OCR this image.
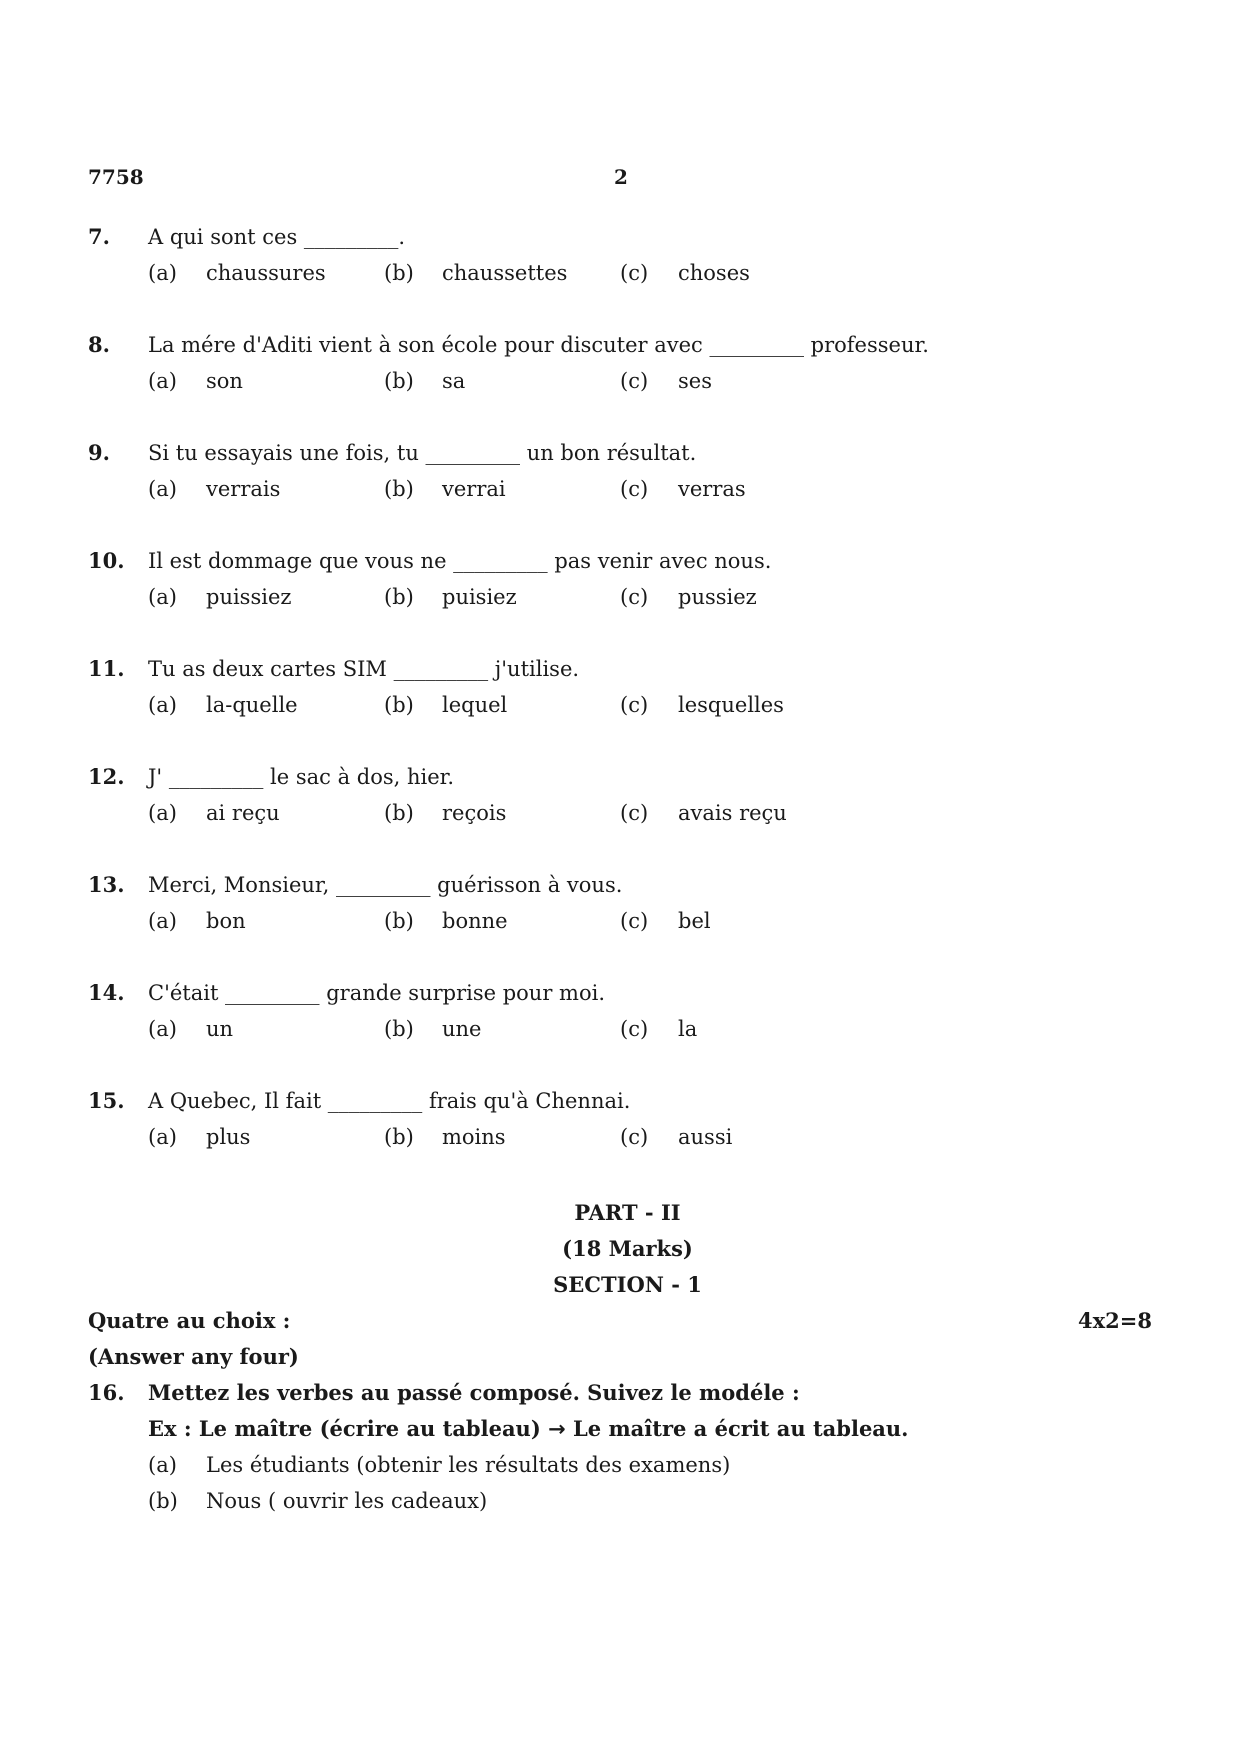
7758	2
7.	A qui sont ces _________.
(a)	chaussures	(b)	chaussettes	(c)	choses
8.	La mére d'Aditi vient à son école pour discuter avec _________ professeur.
(a)	son	(b)	sa	(c)	ses
9.	Si tu essayais une fois, tu _________ un bon résultat.
(a)	verrais	(b)	verrai	(c)	verras
10.	Il est dommage que vous ne _________ pas venir avec nous.
(a)	puissiez	(b)	puisiez	(c)	pussiez
11.	Tu as deux cartes SIM _________ j'utilise.
(a)	la-quelle	(b)	lequel	(c)	lesquelles
12.	J' _________ le sac à dos, hier.
(a)	ai reçu	(b)	reçois	(c)	avais reçu
13.	Merci, Monsieur, _________ guérisson à vous.
(a)	bon	(b)	bonne	(c)	bel
14.	C'était _________ grande surprise pour moi.
(a)	un	(b)	une	(c)	la
15.	A Quebec, Il fait _________ frais qu'à Chennai.
(a)	plus	(b)	moins	(c)	aussi
PART - II
(18 Marks)
SECTION - 1
Quatre au choix :	4x2=8
(Answer any four)
16. Mettez les verbes au passé composé. Suivez le modéle :
Ex : Le maître (écrire au tableau) → Le maître a écrit au tableau.
(a) Les étudiants (obtenir les résultats des examens)
(b) Nous ( ouvrir les cadeaux)
